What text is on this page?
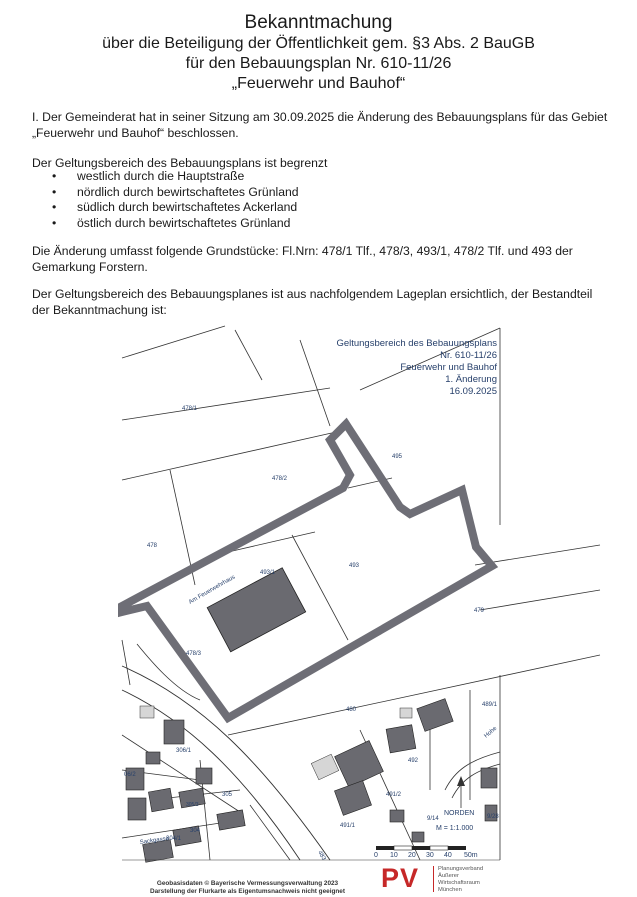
Bekanntmachung
über die Beteiligung der Öffentlichkeit gem. §3 Abs. 2 BauGB
für den Bebauungsplan Nr. 610-11/26
„Feuerwehr und Bauhof“
I. Der Gemeinderat hat in seiner Sitzung am 30.09.2025 die Änderung des Bebauungsplans für das Gebiet „Feuerwehr und Bauhof“ beschlossen.
Der Geltungsbereich des Bebauungsplans ist begrenzt
• westlich durch die Hauptstraße
• nördlich durch bewirtschaftetes Grünland
• südlich durch bewirtschaftetes Ackerland
• östlich durch bewirtschaftetes Grünland
Die Änderung umfasst folgende Grundstücke: Fl.Nrn: 478/1 Tlf., 478/3, 493/1, 478/2 Tlf. und 493 der Gemarkung Forstern.
Der Geltungsbereich des Bebauungsplanes ist aus nachfolgendem Lageplan ersichtlich, der Bestandteil der Bekanntmachung ist:
478/1
478/2
478
495
493/1
493
479
478/3
480
489/1
306/1
06/2
305
305/3
304
304/1
492
491/2
491/1
9/14	9/28
483
Am Feuerwehrhaus
Sackgasse
Hohe
NORDEN
M = 1:1.000
0 10 20 30 40 50m
Geltungsbereich des Bebauungsplans
Nr. 610-11/26
Feuerwehr und Bauhof
1. Änderung
16.09.2025
Geobasisdaten © Bayerische Vermessungsverwaltung 2023
Darstellung der Flurkarte als Eigentumsnachweis nicht geeignet PV	Planungsverband
Äußerer
Wirtschaftsraum
München
